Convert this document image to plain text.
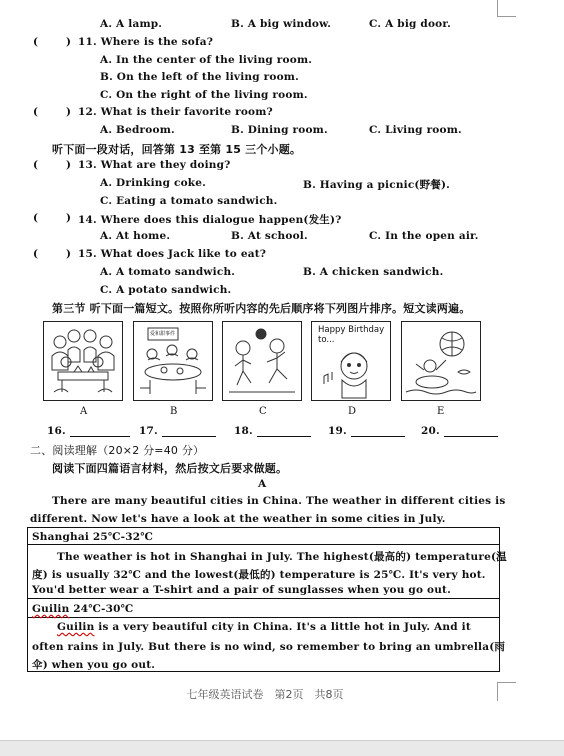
A. A lamp.	B. A big window.	C. A big door.
(	) 11. Where is the sofa?
A. In the center of the living room.
B. On the left of the living room.
C. On the right of the living room.
(	) 12. What is their favorite room?
A. Bedroom.	B. Dining room.	C. Living room.
听下面一段对话，回答第 13 至第 15 三个小题。
(	) 13. What are they doing?
A. Drinking coke.	B. Having a picnic(野餐).
C. Eating a tomato sandwich.
(	) 14. Where does this dialogue happen(发生)?
A. At home.	B. At school.	C. In the open air.
(	) 15. What does Jack like to eat?
A. A tomato sandwich.	B. A chicken sandwich.
C. A potato sandwich.
第三节 听下面一篇短文。按照你所听内容的先后顺序将下列图片排序。短文读两遍。
爱和甜事件	Happy Birthday
to...
A	B	C	D	E
16.	17.	18.	19.	20.
二、阅读理解（20×2 分=40 分）
阅读下面四篇语言材料，然后按文后要求做题。
A
There are many beautiful cities in China. The weather in different cities is
different. Now let's have a look at the weather in some cities in July.
Shanghai 25℃-32℃
The weather is hot in Shanghai in July. The highest(最高的) temperature(温
度) is usually 32℃ and the lowest(最低的) temperature is 25℃. It's very hot.
You'd better wear a T-shirt and a pair of sunglasses when you go out.
Guilin 24℃-30℃
Guilin is a very beautiful city in China. It's a little hot in July. And it
often rains in July. But there is no wind, so remember to bring an umbrella(雨
伞) when you go out.
七年级英语试卷　第2页　共8页
